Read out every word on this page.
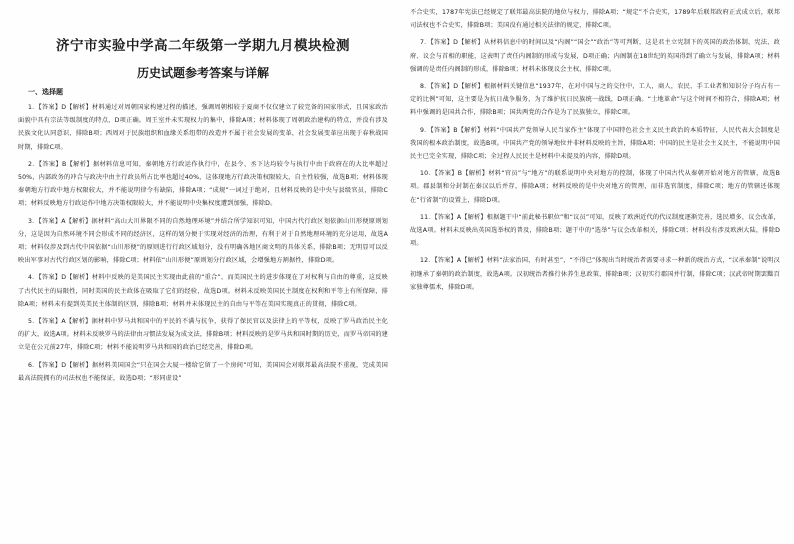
济宁市实验中学高二年级第一学期九月模块检测
历史试题参考答案与详解
一、选择题

1．【答案】D【解析】材料通过对周朝国家构建过程的描述，强调周朝相较于夏商不仅仅建立了较完备的国家形式，且国家政治面貌中具有宗法等级制度的特点，D项正确。周王室并未实现权力的集中，排除A项；材料体现了周朝政治建构的特点，并没有涉及民族文化认同意识，排除B项；西周对于民族组织和血缘关系纽带的改造并不属于社会发展的变革，社会发展变革应出现于春秋战国时期，排除C项。

2．【答案】B【解析】据材料信息可知，秦朝地方行政运作执行中，在县令、丞下达均较令与执行中由于政府在的大比率超过50%，内部政务的冲合与政决中由主行政员所占比率也超过40%，这体现地方行政决策权限较大，自主性较强，故选B项；材料体现秦朝地方行政中地方权限较大，并不能说明律令有缺陷，排除A项；“成规”一词过于绝对，且材料反映的是中央与县级官员，排除C项；材料反映地方行政运作中地方决策权限较大，并不能说明中央集权度遭到加强，排除D。

3．【答案】A【解析】据材料“高山大川界限不同的自然地理环境”并结合所学知识可知，中国古代行政区划依据山川形便原则划分，这是因为自然环境不同会形成不同的经济区，这样的划分便于实现对经济的治理，有利于对于自然地理环境的充分运用，故选A项；材料仅涉及到古代中国依据“山川形便”的原则进行行政区域划分，没有明确各地区商文明的具体关系，排除B项；无明显可以反映出军事对古代行政区划的影响，排除C项；材料依“山川形便”原则划分行政区域，会增强地方割据性，排除D项。

4．【答案】D【解析】材料中反映的是美国民主实现由此前的“重合”，而美国民主的进步体现在了对权利与自由的尊重，这反映了古代民主的局限性，同时美国的民主政体在吸取了它们的经验，故选D项。材料未反映美国民主制度在权利和平等上有所保障，排除A项；材料未有提到英美民主体制的区别，排除B项；材料并未体现民主的自由与平等在美国实现真正的贯彻，排除C项。

5．【答案】A【解析】据材料中罗马共和国中的平民的不满与抗争，获得了保民官以及法律上的平等权，反映了罗马政治民主化的扩大，故选A项。材料未反映罗马的法律由习惯法发展为成文法，排除B项；材料反映的是罗马共和国时期的历史，而罗马帝国的建立是在公元前27年，排除C项；材料不能说明罗马共和国的政治已经完善，排除D项。

6．【答案】D【解析】据材料美国国会“只在国会大厦一楼给它留了一个房间”可知，美国国会对联邦最高法院不重视，完成美国最高法院拥有的司法权也不能保证，故选D项；“形同虚设”

不合史实，1787年宪法已经规定了联邦最高法院的地位与权力，排除A项；“规定”不合史实，1789年后联邦政府正式成立后，联邦司法权也不合史实，排除B项；美国没有通过相关法律的规定，排除C项。

7．【答案】D【解析】从材料信息中的时间以及“内阁”“国会”“政治”等可判断，这是君主立宪制下的英国的政治体制，宪法、政府、议会与首相的职能，这表明了责任内阁制的形成与发展，D项正确；内阁制在18世纪的英国得到了确立与发展，排除A项；材料强调的是责任内阁制的形成，排除B项；材料未体现议会主权，排除C项。

8．【答案】D【解析】根据材料关键信息“1937年，在对中国与之的交往中，工人，商人，农民、手工业者和知识分子均占有一定的比例”可知，这主要是为抗日战争服务，为了维护抗日民族统一战线，D项正确。“土地革命”与这个时间不相符合，排除A项；材料中强调的是国共合作，排除B项；国共两党的合作是为了民族独立，排除C项。

9．【答案】B【解析】材料“中国共产党领导人民当家作主”体现了中国特色社会主义民主政治的本质特征，人民代表大会制度是我国的根本政治制度，故选B项。中国共产党的领导地位并非材料反映的主旨，排除A项；中国的民主是社会主义民主，不能说明中国民主已完全实现，排除C项；全过程人民民主是材料中未提及的内容，排除D项。

10．【答案】B【解析】材料“官员”与“地方”的联系说明中央对地方的控制，体现了中国古代从秦朝开始对地方的管辖，故选B项。郡县制和分封制在秦汉以后并存，排除A项；材料反映的是中央对地方的管理，而非选官制度，排除C项；地方的管辖还体现在“行省制”的设置上，排除D项。

11．【答案】A【解析】根据题干中“前此秘书职位”和“议员”可知，反映了欧洲近代的代议制度逐渐完善，选民增多，议会改革，故选A项。材料未反映出英国选举权的普及，排除B项；题干中的“选举”与议会改革相关，排除C项；材料没有涉及欧洲大陆，排除D项。

12．【答案】A【解析】材料“法家治国，有时甚至”，“不得已”体现出当时统治者需要寻求一种新的统治方式，“汉承秦制”说明汉初继承了秦朝的政治制度，故选A项。汉初统治者推行休养生息政策，排除B项；汉初实行郡国并行制，排除C项；汉武帝时期罢黜百家独尊儒术，排除D项。
